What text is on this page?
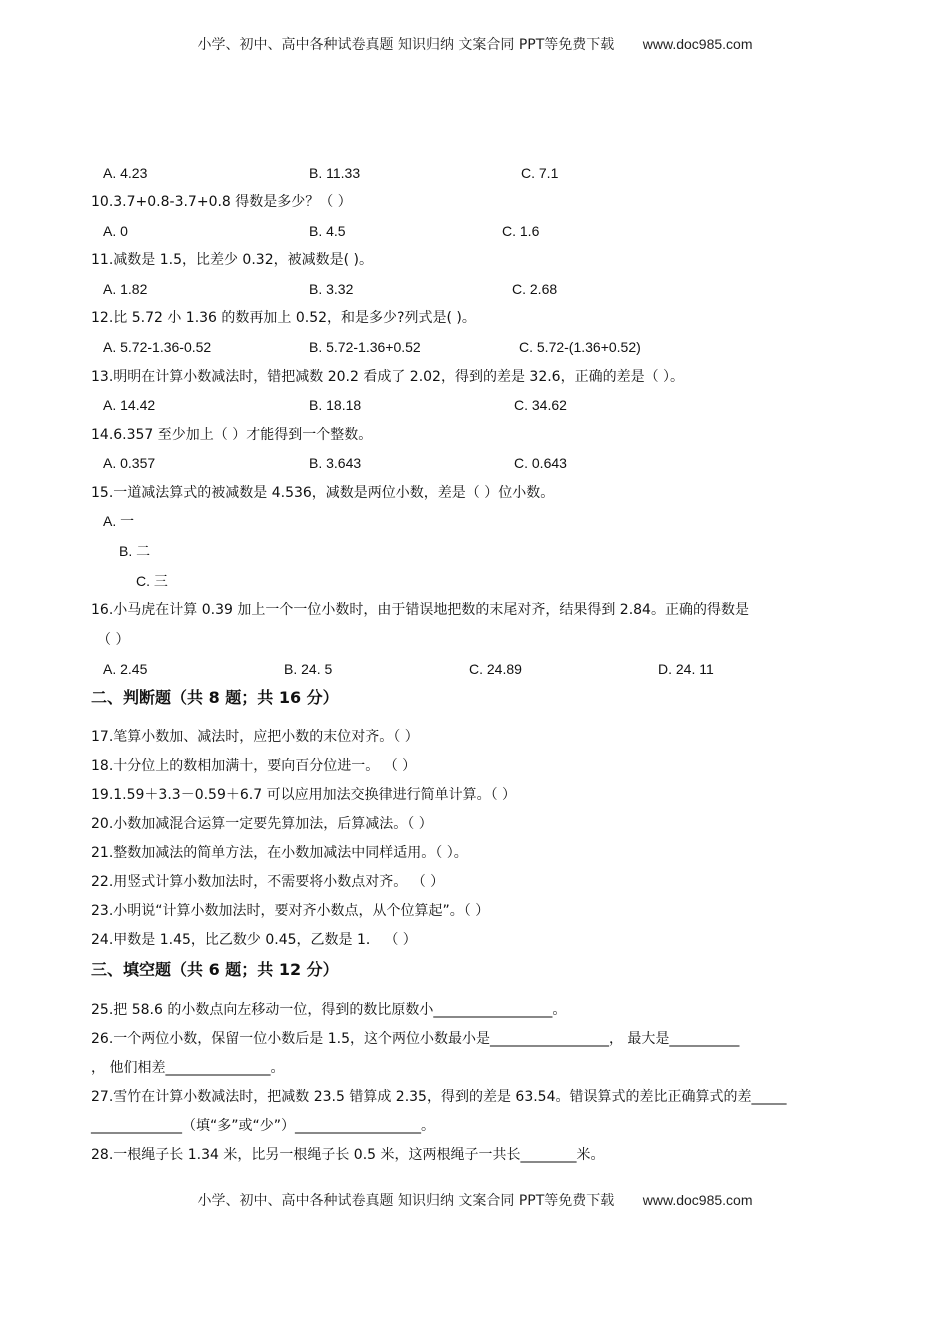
小学、初中、高中各种试卷真题 知识归纳 文案合同 PPT等免费下载 www.doc985.com
A. 4.23	B. 11.33	C. 7.1
10.3.7+0.8-3.7+0.8 得数是多少？（ ）
A. 0	B. 4.5	C. 1.6
11.减数是 1.5，比差少 0.32，被减数是( )。
A. 1.82	B. 3.32	C. 2.68
12.比 5.72 小 1.36 的数再加上 0.52，和是多少?列式是( )。
A. 5.72-1.36-0.52	B. 5.72-1.36+0.52	C. 5.72-(1.36+0.52)
13.明明在计算小数减法时，错把减数 20.2 看成了 2.02，得到的差是 32.6，正确的差是（ ）。
A. 14.42	B. 18.18	C. 34.62
14.6.357 至少加上（ ）才能得到一个整数。
A. 0.357	B. 3.643	C. 0.643
15.一道减法算式的被减数是 4.536，减数是两位小数，差是（ ）位小数。
A. 一
B. 二
C. 三
16.小马虎在计算 0.39 加上一个一位小数时，由于错误地把数的末尾对齐，结果得到 2.84。正确的得数是
（ ）
A. 2.45	B. 24. 5	C. 24.89	D. 24. 11
二、判断题（共 8 题；共 16 分）
17.笔算小数加、减法时，应把小数的末位对齐。（ ）
18.十分位上的数相加满十，要向百分位进一。 （ ）
19.1.59＋3.3－0.59＋6.7 可以应用加法交换律进行简单计算。（ ）
20.小数加减混合运算一定要先算加法，后算减法。（ ）
21.整数加减法的简单方法，在小数加减法中同样适用。（ ）。
22.用竖式计算小数加法时，不需要将小数点对齐。 （ ）
23.小明说“计算小数加法时，要对齐小数点，从个位算起”。（ ）
24.甲数是 1.45，比乙数少 0.45，乙数是 1． （ ）
三、填空题（共 6 题；共 12 分）
25.把 58.6 的小数点向左移动一位，得到的数比原数小_________________。
26.一个两位小数，保留一位小数后是 1.5，这个两位小数最小是_________________， 最大是__________
， 他们相差_______________。
27.雪竹在计算小数减法时，把减数 23.5 错算成 2.35，得到的差是 63.54。错误算式的差比正确算式的差_____
_____________（填“多”或“少”）__________________。
28.一根绳子长 1.34 米，比另一根绳子长 0.5 米，这两根绳子一共长________米。
小学、初中、高中各种试卷真题 知识归纳 文案合同 PPT等免费下载 www.doc985.com
